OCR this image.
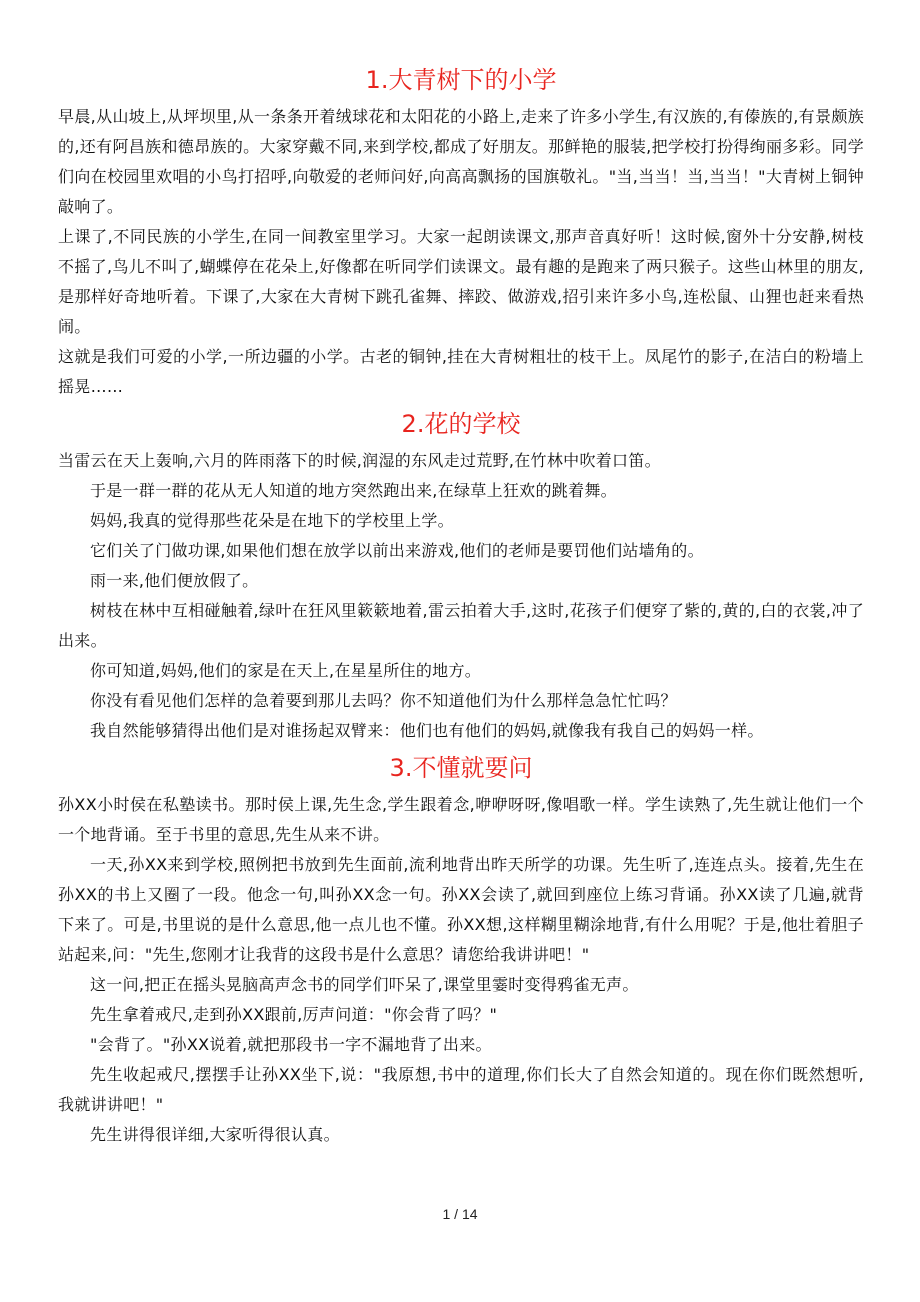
1.大青树下的小学

早晨,从山坡上,从坪坝里,从一条条开着绒球花和太阳花的小路上,走来了许多小学生,有汉族的,有傣族的,有景颇族的,还有阿昌族和德昂族的。大家穿戴不同,来到学校,都成了好朋友。那鲜艳的服装,把学校打扮得绚丽多彩。同学们向在校园里欢唱的小鸟打招呼,向敬爱的老师问好,向高高飘扬的国旗敬礼。"当,当当！当,当当！"大青树上铜钟敲响了。

上课了,不同民族的小学生,在同一间教室里学习。大家一起朗读课文,那声音真好听！这时候,窗外十分安静,树枝不摇了,鸟儿不叫了,蝴蝶停在花朵上,好像都在听同学们读课文。最有趣的是跑来了两只猴子。这些山林里的朋友,是那样好奇地听着。下课了,大家在大青树下跳孔雀舞、摔跤、做游戏,招引来许多小鸟,连松鼠、山狸也赶来看热闹。

这就是我们可爱的小学,一所边疆的小学。古老的铜钟,挂在大青树粗壮的枝干上。凤尾竹的影子,在洁白的粉墙上摇晃……

2.花的学校

当雷云在天上轰响,六月的阵雨落下的时候,润湿的东风走过荒野,在竹林中吹着口笛。

于是一群一群的花从无人知道的地方突然跑出来,在绿草上狂欢的跳着舞。

妈妈,我真的觉得那些花朵是在地下的学校里上学。

它们关了门做功课,如果他们想在放学以前出来游戏,他们的老师是要罚他们站墙角的。

雨一来,他们便放假了。

树枝在林中互相碰触着,绿叶在狂风里簌簌地着,雷云拍着大手,这时,花孩子们便穿了紫的,黄的,白的衣裳,冲了出来。

你可知道,妈妈,他们的家是在天上,在星星所住的地方。

你没有看见他们怎样的急着要到那儿去吗？你不知道他们为什么那样急急忙忙吗？

我自然能够猜得出他们是对谁扬起双臂来：他们也有他们的妈妈,就像我有我自己的妈妈一样。

3.不懂就要问

孙XX小时侯在私塾读书。那时侯上课,先生念,学生跟着念,咿咿呀呀,像唱歌一样。学生读熟了,先生就让他们一个一个地背诵。至于书里的意思,先生从来不讲。

一天,孙XX来到学校,照例把书放到先生面前,流利地背出昨天所学的功课。先生听了,连连点头。接着,先生在孙XX的书上又圈了一段。他念一句,叫孙XX念一句。孙XX会读了,就回到座位上练习背诵。孙XX读了几遍,就背下来了。可是,书里说的是什么意思,他一点儿也不懂。孙XX想,这样糊里糊涂地背,有什么用呢？于是,他壮着胆子站起来,问："先生,您刚才让我背的这段书是什么意思？请您给我讲讲吧！"

这一问,把正在摇头晃脑高声念书的同学们吓呆了,课堂里霎时变得鸦雀无声。

先生拿着戒尺,走到孙XX跟前,厉声问道："你会背了吗？"

"会背了。"孙XX说着,就把那段书一字不漏地背了出来。

先生收起戒尺,摆摆手让孙XX坐下,说："我原想,书中的道理,你们长大了自然会知道的。现在你们既然想听,我就讲讲吧！"

先生讲得很详细,大家听得很认真。

1 / 14
